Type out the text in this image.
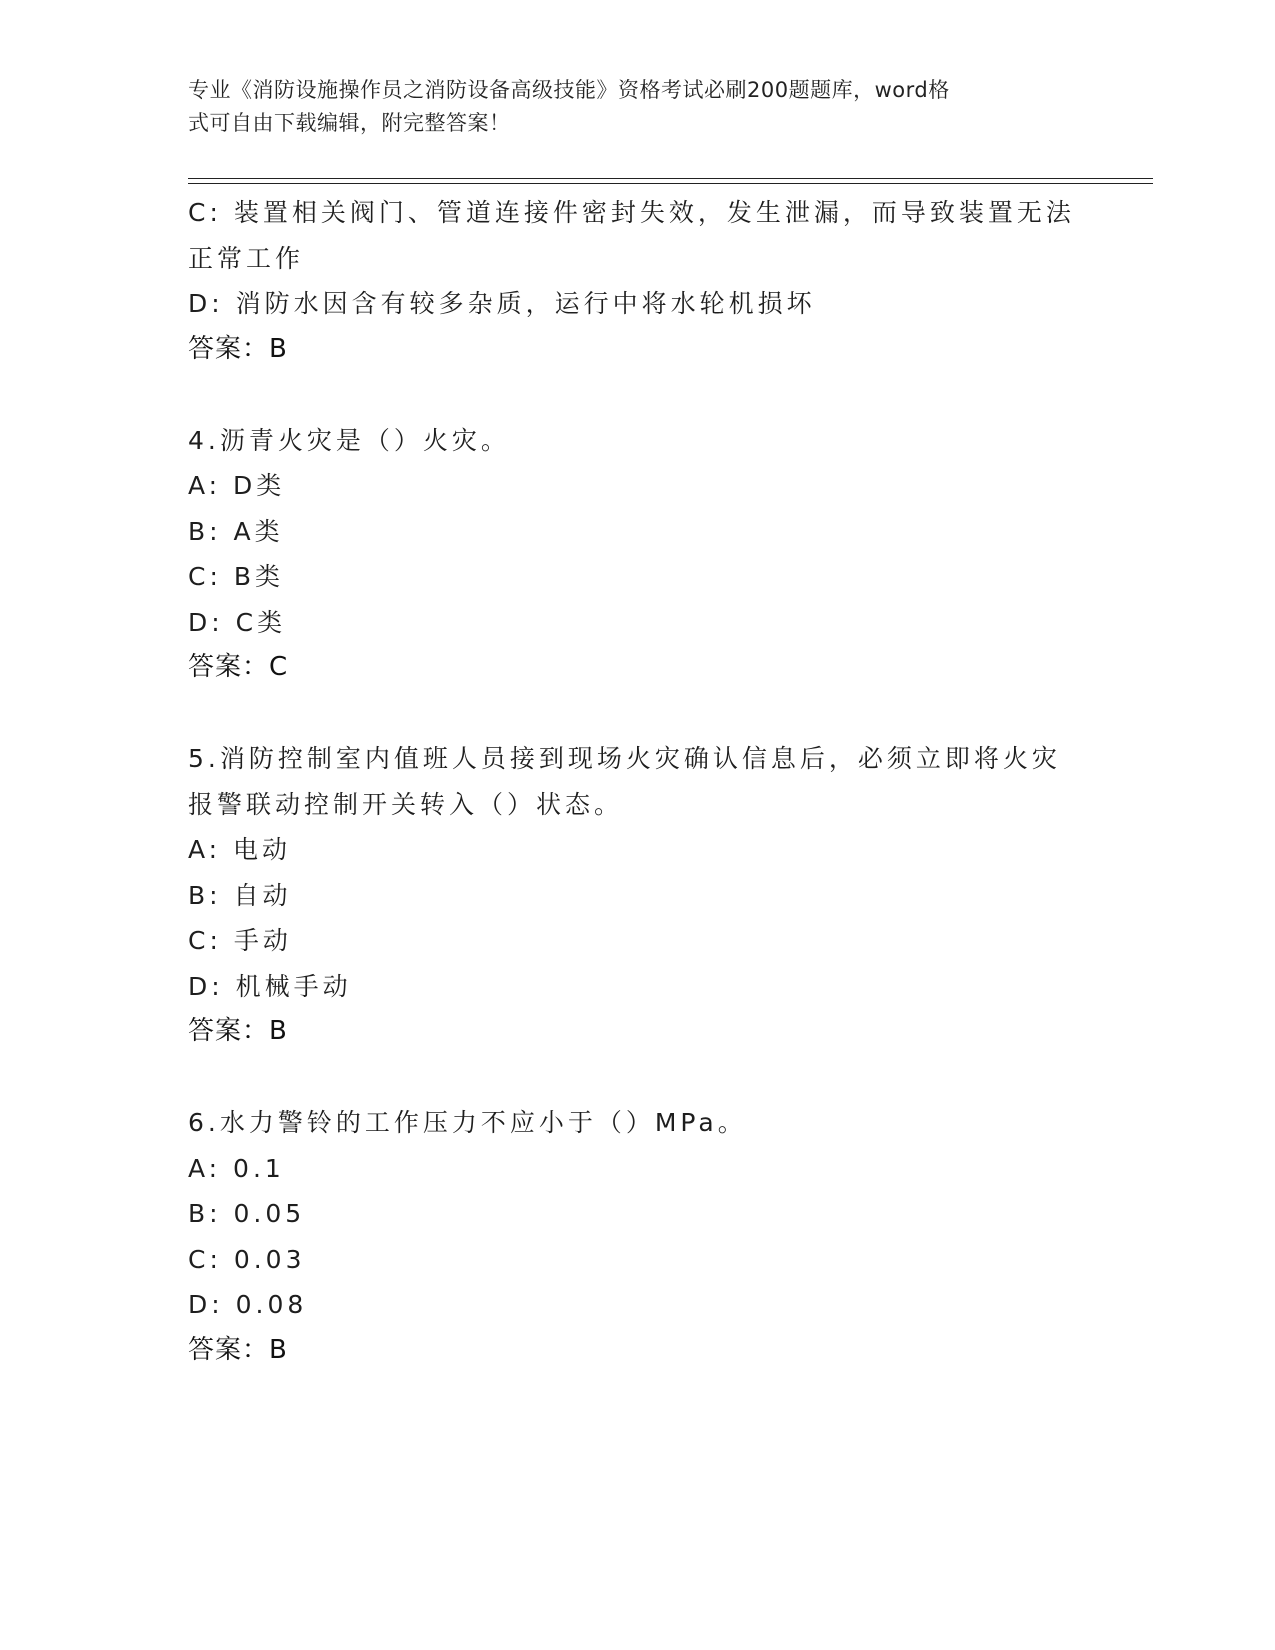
专业《消防设施操作员之消防设备高级技能》资格考试必刷200题题库，word格
式可自由下载编辑，附完整答案！
C: 装置相关阀门、管道连接件密封失效，发生泄漏，而导致装置无法
正常工作
D: 消防水因含有较多杂质，运行中将水轮机损坏
答案：B
4.沥青火灾是（）火灾。
A: D类
B: A类
C: B类
D: C类
答案：C
5.消防控制室内值班人员接到现场火灾确认信息后，必须立即将火灾
报警联动控制开关转入（）状态。
A: 电动
B: 自动
C: 手动
D: 机械手动
答案：B
6.水力警铃的工作压力不应小于（）MPa。
A: 0.1
B: 0.05
C: 0.03
D: 0.08
答案：B
